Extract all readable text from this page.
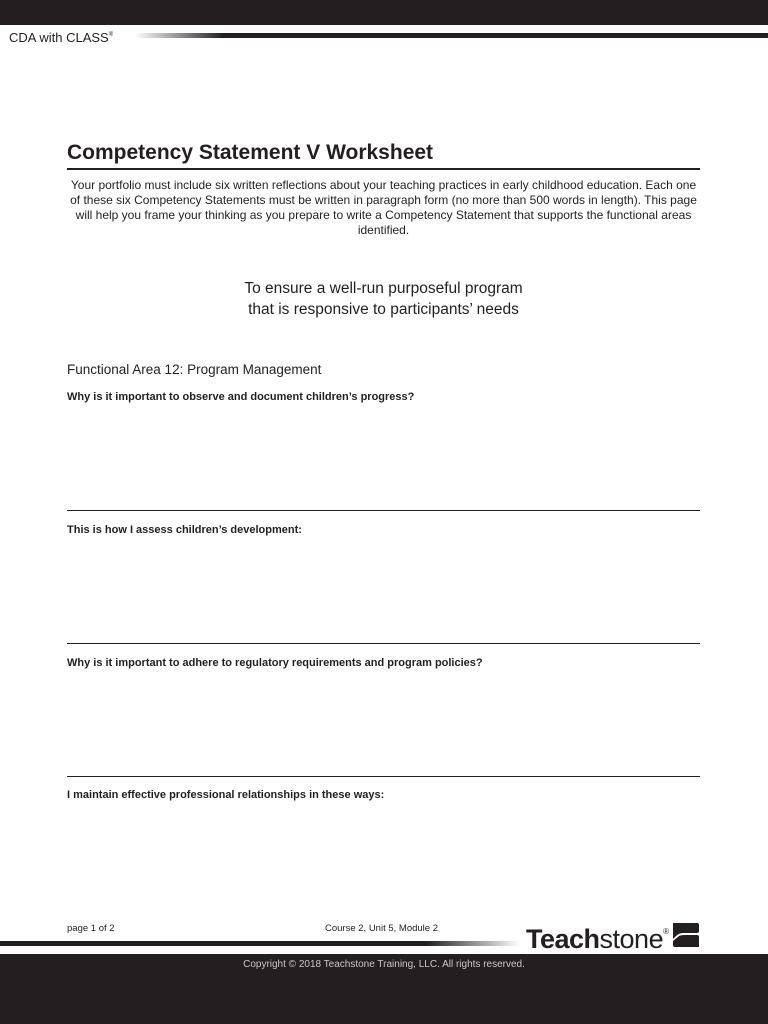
CDA with CLASS®
Competency Statement V Worksheet
Your portfolio must include six written reflections about your teaching practices in early childhood education. Each one of these six Competency Statements must be written in paragraph form (no more than 500 words in length). This page will help you frame your thinking as you prepare to write a Competency Statement that supports the functional areas identified.
To ensure a well-run purposeful program
that is responsive to participants’ needs
Functional Area 12: Program Management
Why is it important to observe and document children’s progress?
This is how I assess children’s development:
Why is it important to adhere to regulatory requirements and program policies?
I maintain effective professional relationships in these ways:
page 1 of 2	Course 2, Unit 5, Module 2	Teachstone®
Copyright © 2018 Teachstone Training, LLC. All rights reserved.
